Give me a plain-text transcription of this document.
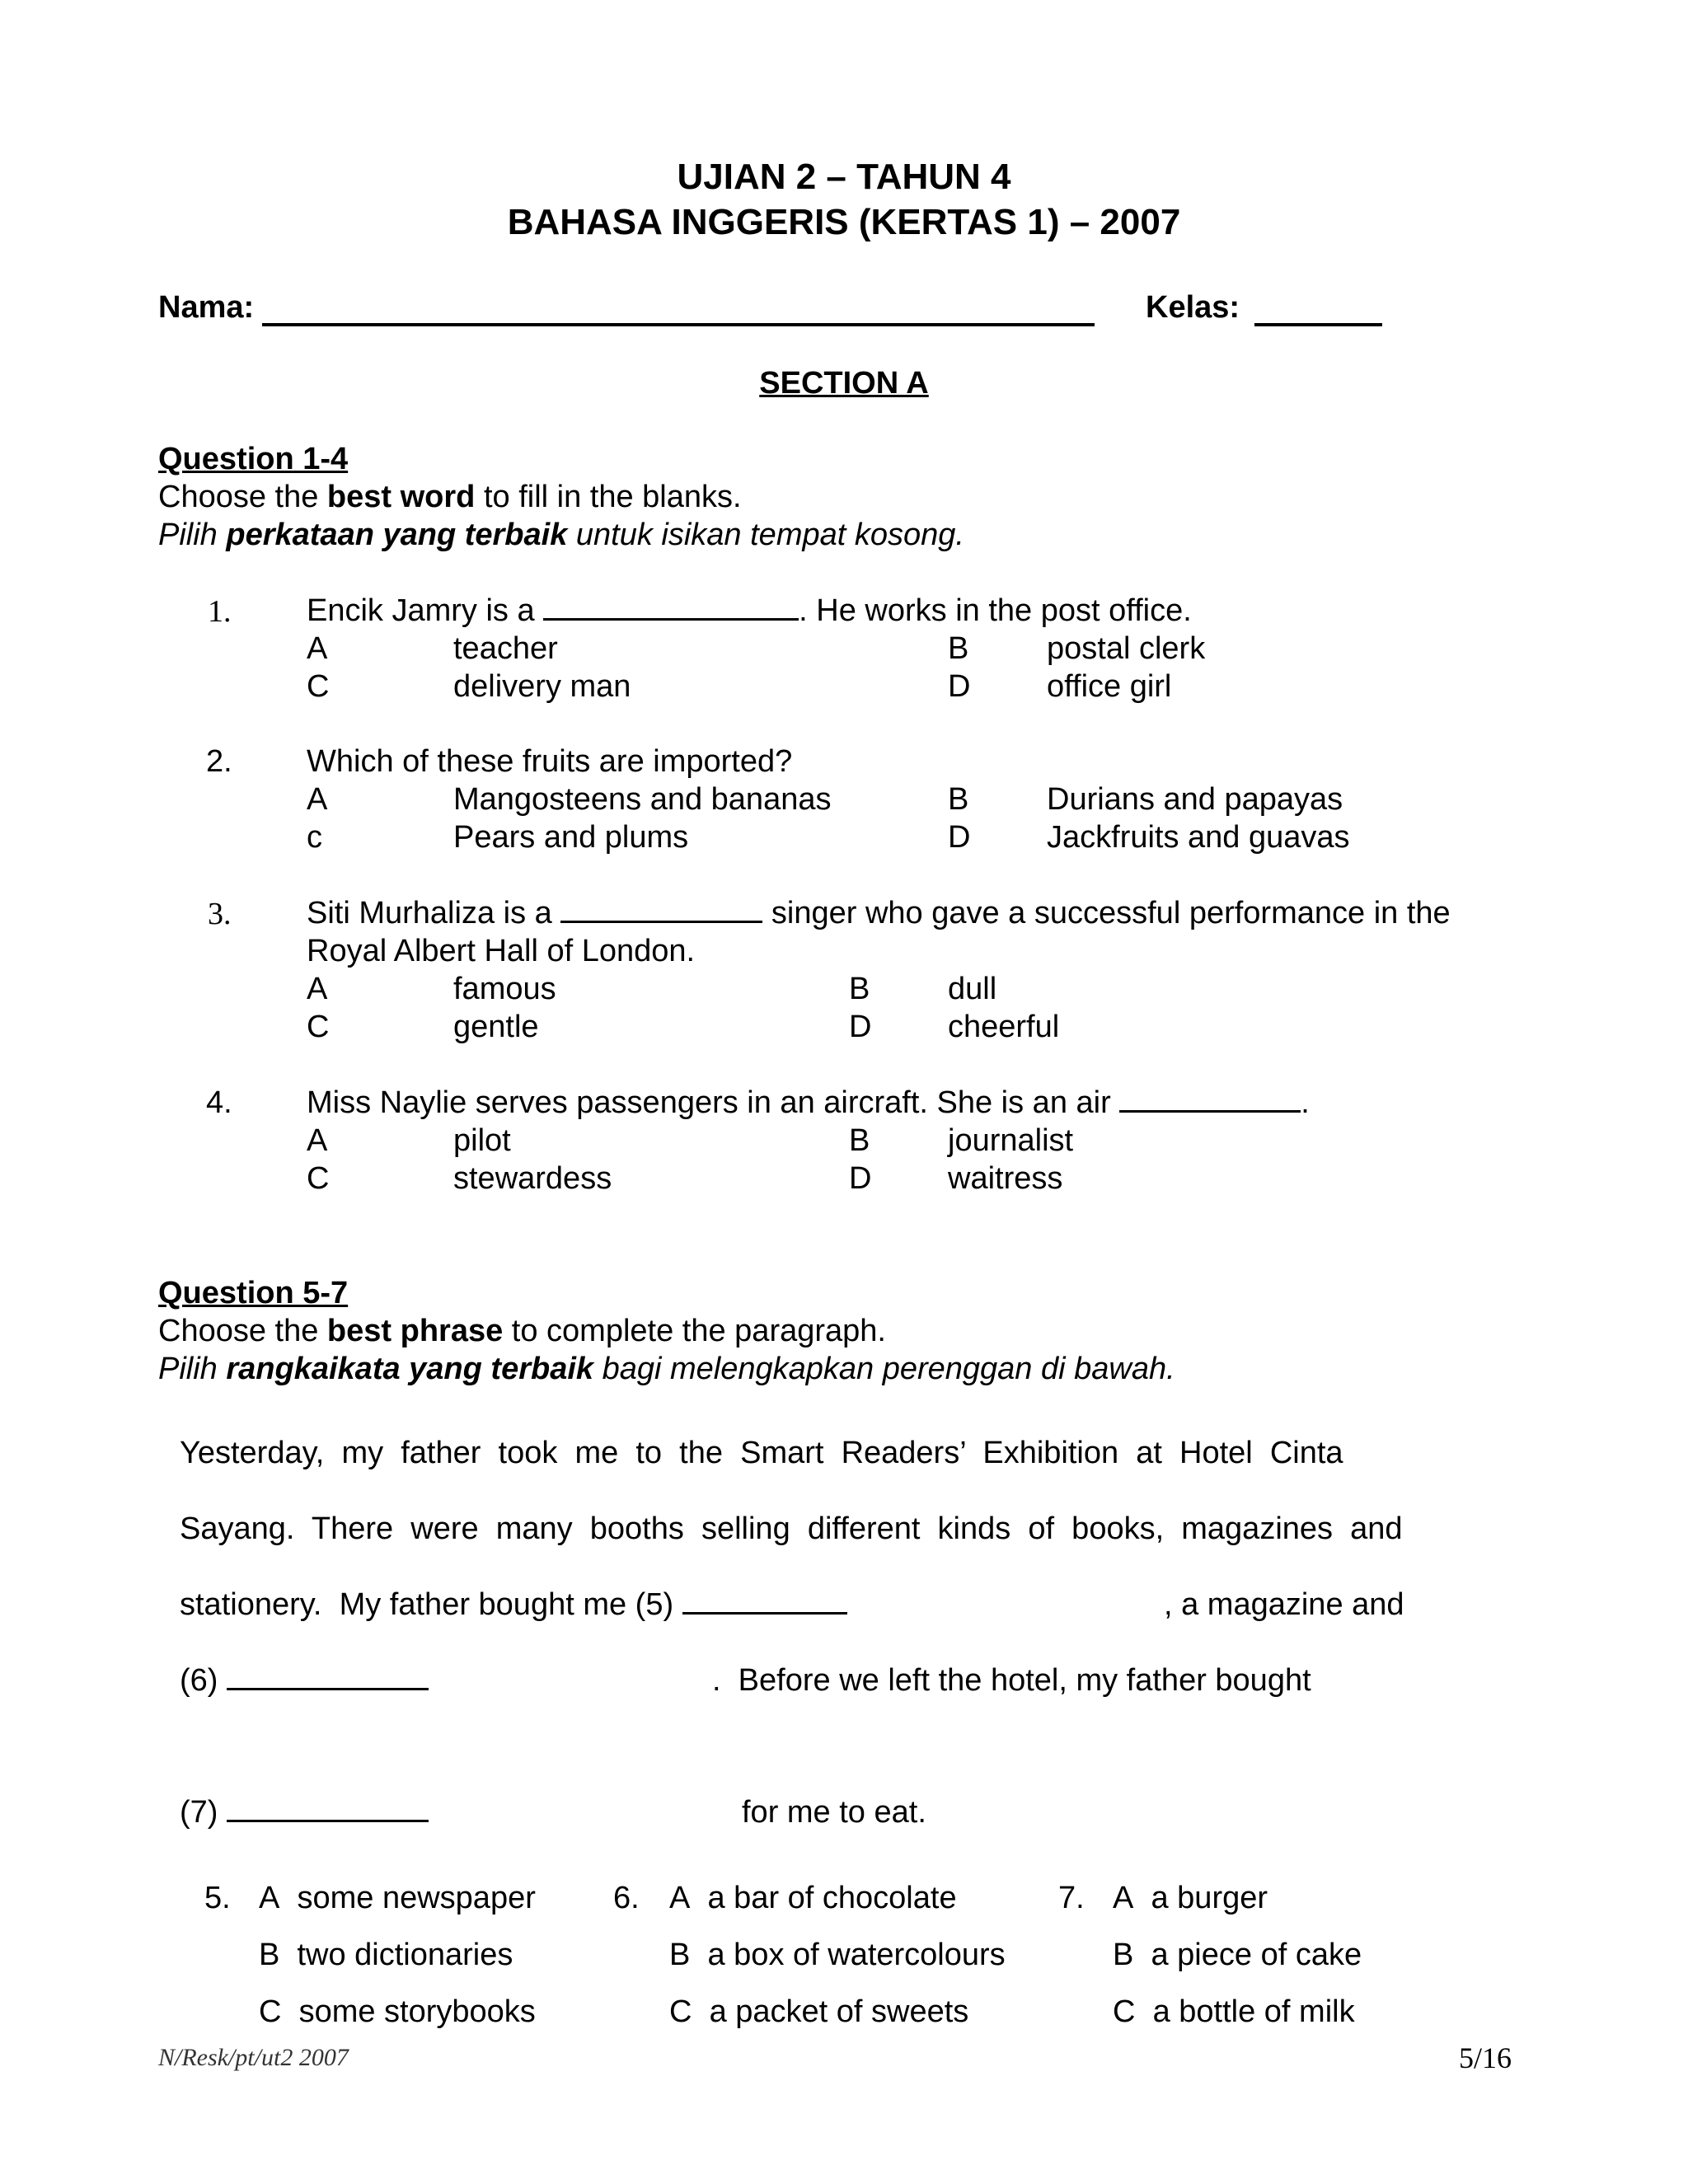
UJIAN 2 – TAHUN 4
BAHASA INGGERIS (KERTAS 1) – 2007
Nama:	Kelas:
SECTION A
Question 1-4
Choose the best word to fill in the blanks.
Pilih perkataan yang terbaik untuk isikan tempat kosong.
1. Encik Jamry is a	. He works in the post office.
A	teacher	B postal clerk
C	delivery man	D office girl
2. Which of these fruits are imported?
A	Mangosteens and bananas	B Durians and papayas
c	Pears and plums	D Jackfruits and guavas
3. Siti Murhaliza is a	singer who gave a successful performance in the
Royal Albert Hall of London.
A	famous	B dull
C	gentle	D cheerful
4. Miss Naylie serves passengers in an aircraft. She is an air	.
A	pilot	B journalist
C	stewardess	D waitress
Question 5-7
Choose the best phrase to complete the paragraph.
Pilih rangkaikata yang terbaik bagi melengkapkan perenggan di bawah.
Yesterday,  my  father  took  me  to  the  Smart  Readers’  Exhibition  at  Hotel  Cinta
Sayang.  There  were  many  booths  selling  different  kinds  of  books,  magazines  and
stationery.  My father bought me (5)	, a magazine and
(6)	.  Before we left the hotel, my father bought
(7)	for me to eat.
5. A some newspaper
B two dictionaries
C some storybooks
6. A a bar of chocolate
B a box of watercolours
C a packet of sweets
7. A a burger
B a piece of cake
C a bottle of milk
N/Resk/pt/ut2 2007	5/16
